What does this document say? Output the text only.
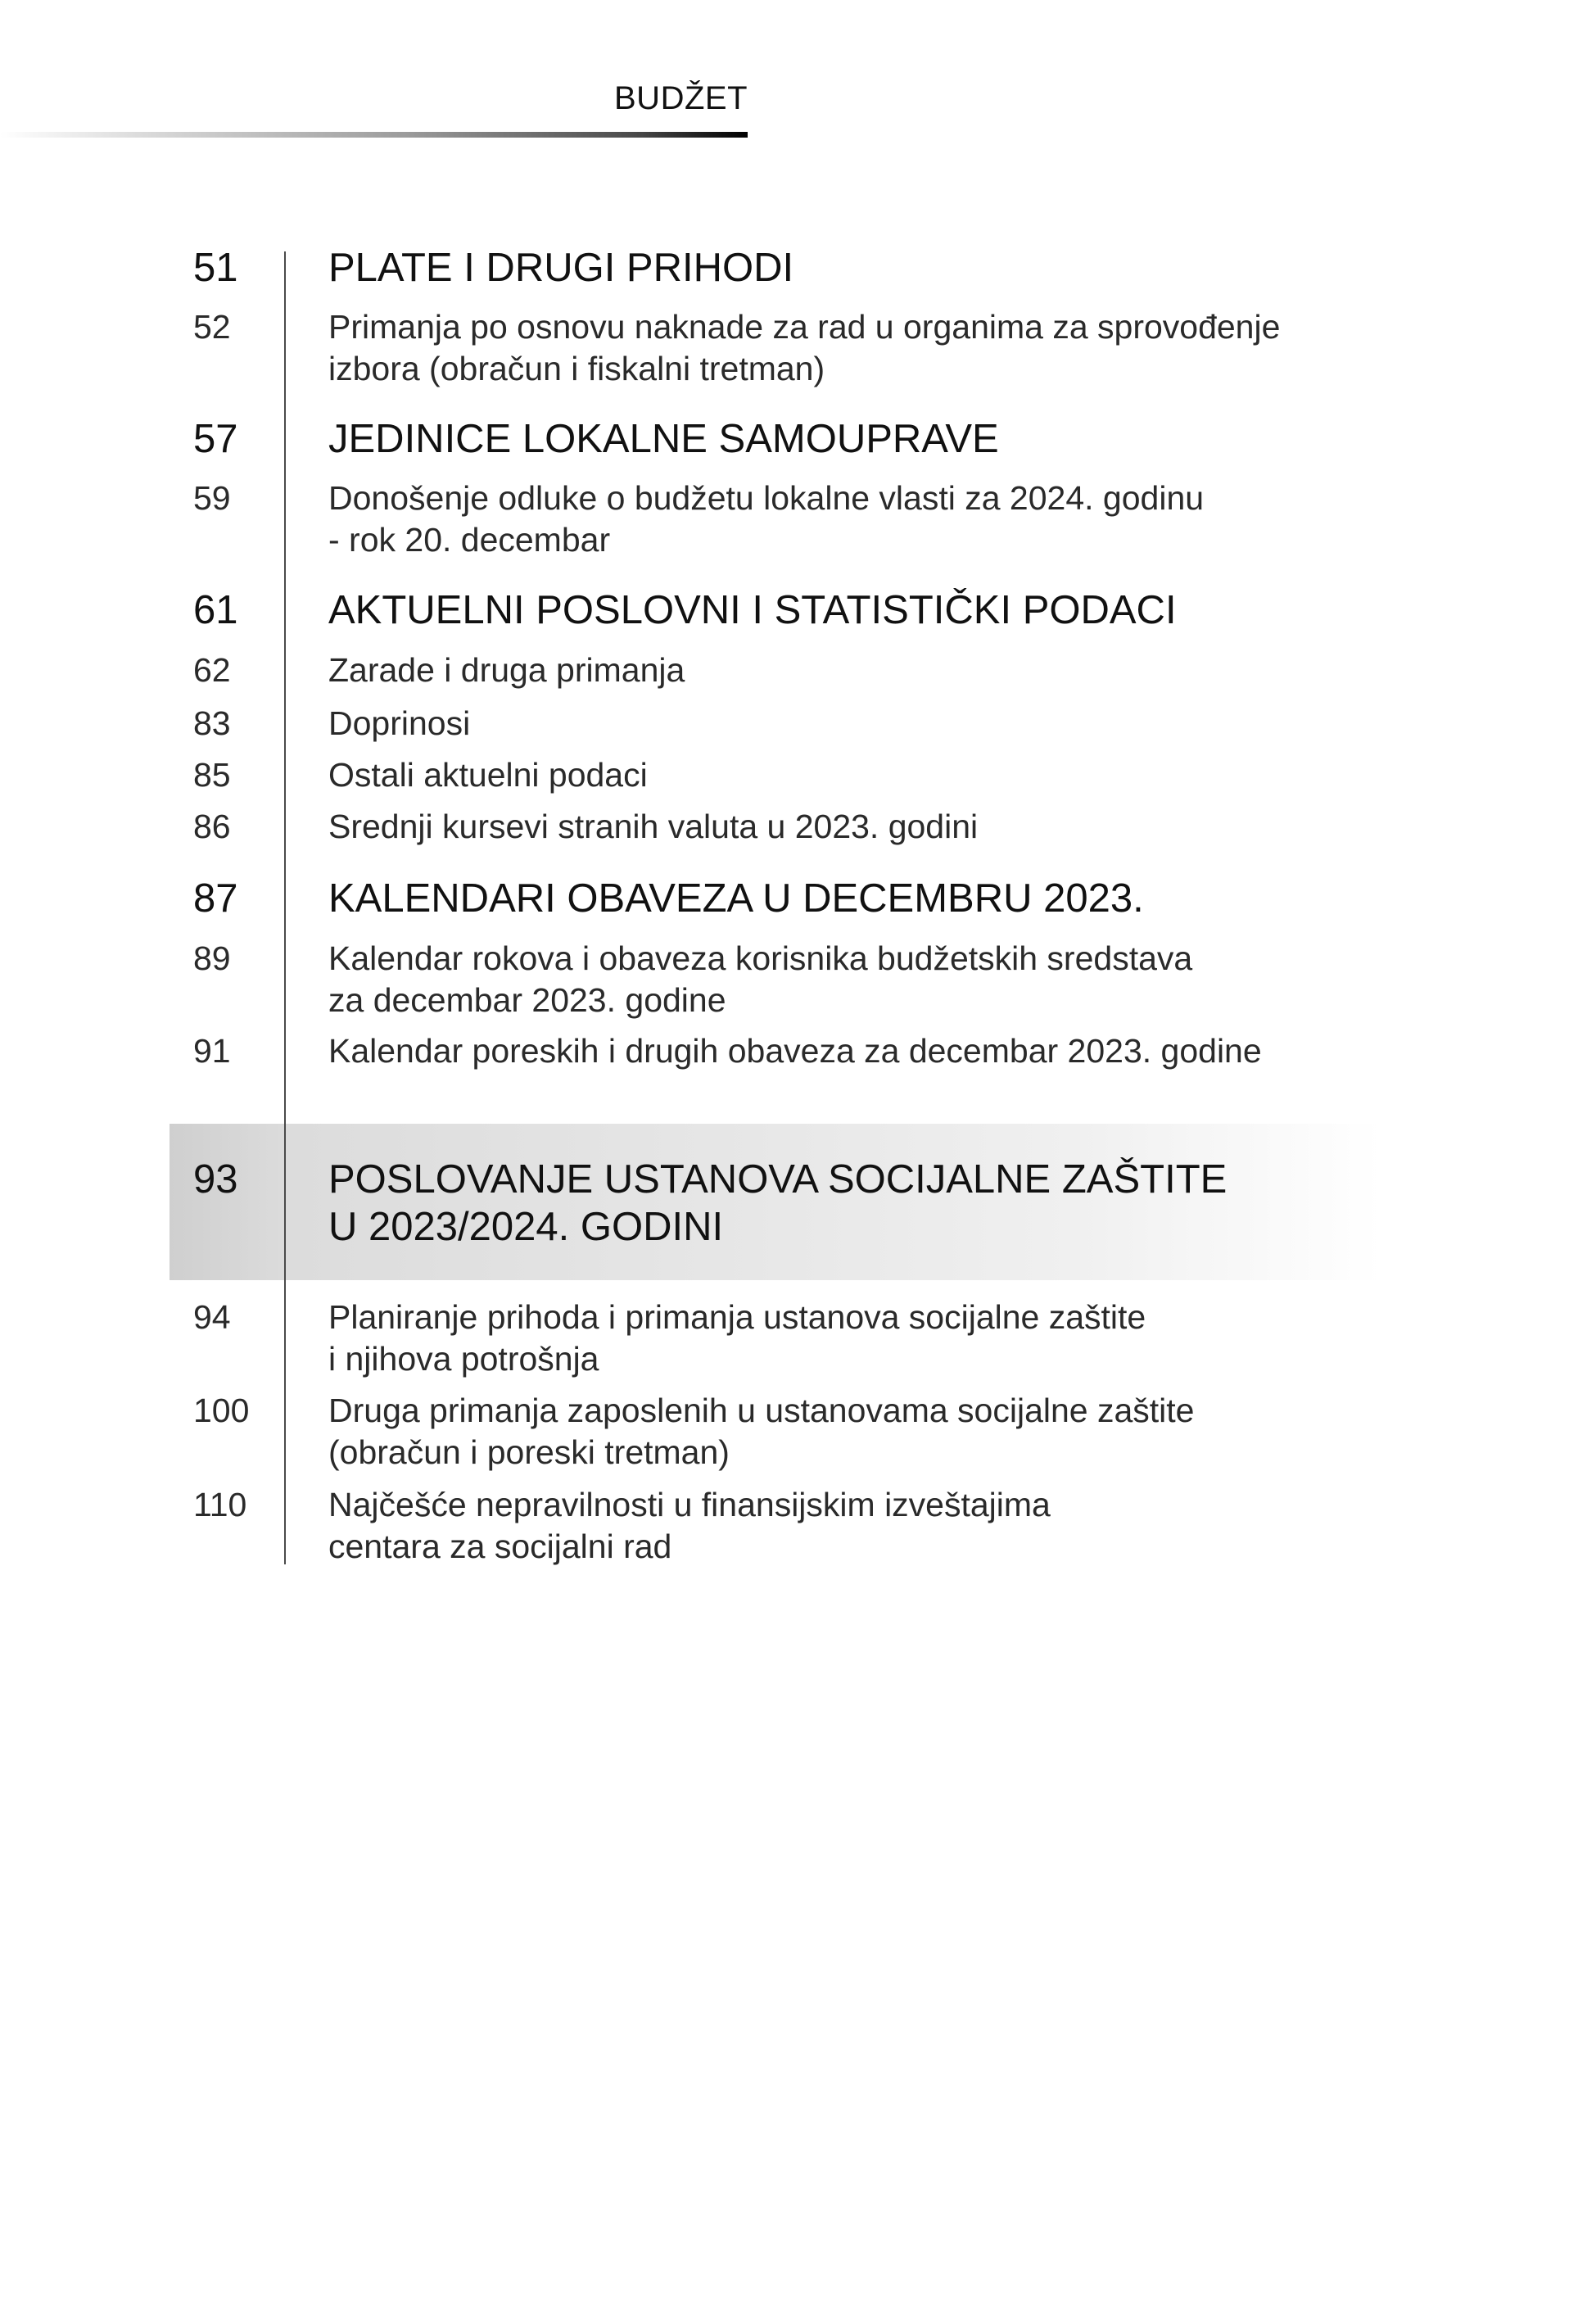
BUDŽET
51 PLATE I DRUGI PRIHODI
52	Primanja po osnovu naknade za rad u organima za sprovođenje
izbora (obračun i fiskalni tretman)
57 JEDINICE LOKALNE SAMOUPRAVE
59	Donošenje odluke o budžetu lokalne vlasti za 2024. godinu
- rok 20. decembar
61 AKTUELNI POSLOVNI I STATISTIČKI PODACI
62	Zarade i druga primanja
83	Doprinosi
85	Ostali aktuelni podaci
86	Srednji kursevi stranih valuta u 2023. godini
87 KALENDARI OBAVEZA U DECEMBRU 2023.
89	Kalendar rokova i obaveza korisnika budžetskih sredstava
za decembar 2023. godine
91	Kalendar poreskih i drugih obaveza za decembar 2023. godine
93 POSLOVANJE USTANOVA SOCIJALNE ZAŠTITE
U 2023/2024. GODINI
94	Planiranje prihoda i primanja ustanova socijalne zaštite
i njihova potrošnja
100 Druga primanja zaposlenih u ustanovama socijalne zaštite
(obračun i poreski tretman)
110 Najčešće nepravilnosti u finansijskim izveštajima
centara za socijalni rad
